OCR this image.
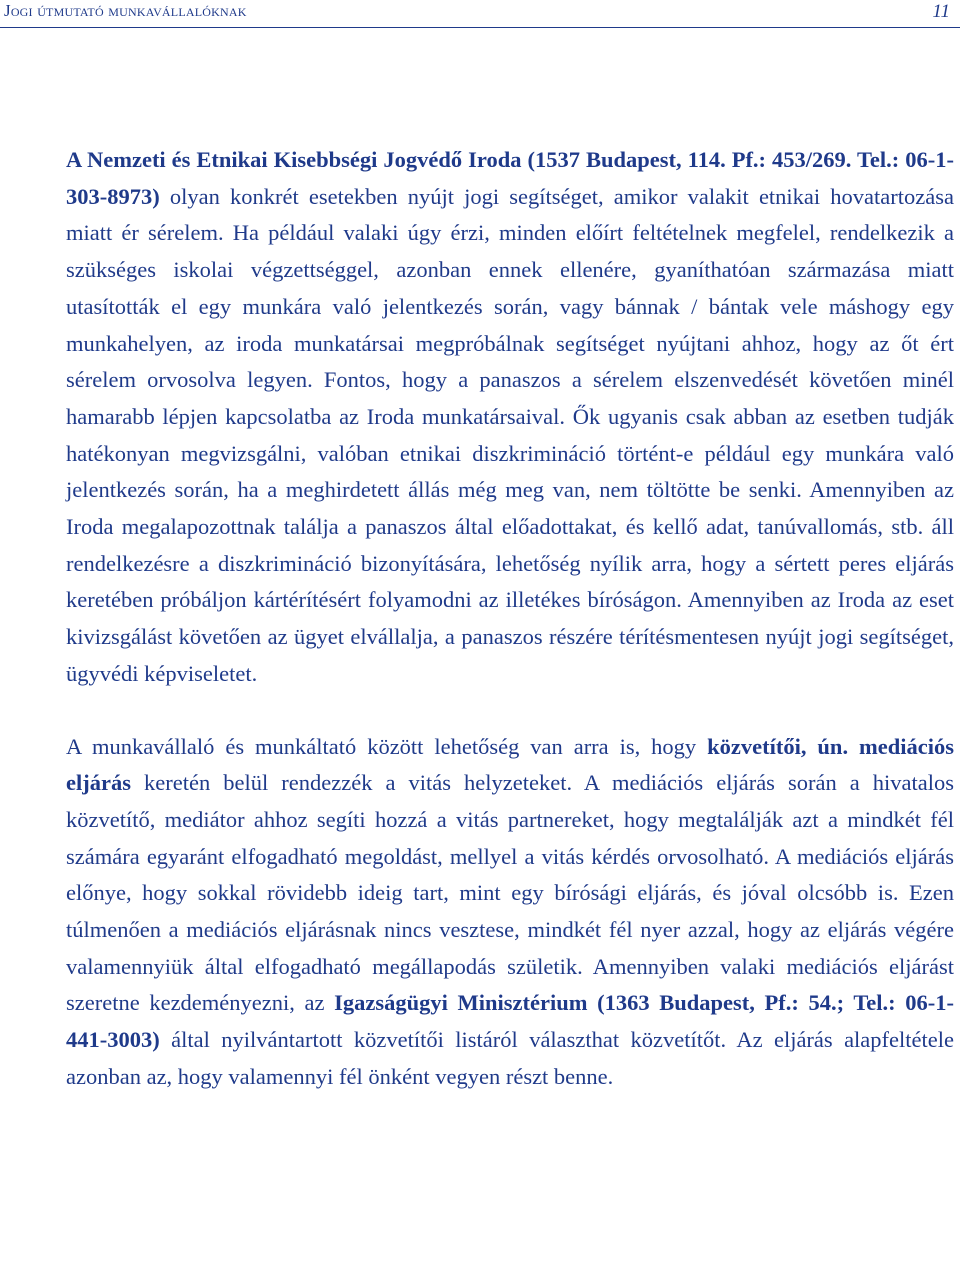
Jogi útmutató munkavállalóknak	11

A Nemzeti és Etnikai Kisebbségi Jogvédő Iroda (1537 Budapest, 114. Pf.: 453/269. Tel.: 06-1-303-8973) olyan konkrét esetekben nyújt jogi segítséget, amikor valakit etnikai hovatartozása miatt ér sérelem. Ha például valaki úgy érzi, minden előírt feltételnek megfelel, rendelkezik a szükséges iskolai végzettséggel, azonban ennek ellenére, gyaníthatóan származása miatt utasították el egy munkára való jelentkezés során, vagy bánnak / bántak vele máshogy egy munkahelyen, az iroda munkatársai megpróbálnak segítséget nyújtani ahhoz, hogy az őt ért sérelem orvosolva legyen. Fontos, hogy a panaszos a sérelem elszenvedését követően minél hamarabb lépjen kapcsolatba az Iroda munkatársaival. Ők ugyanis csak abban az esetben tudják hatékonyan megvizsgálni, valóban etnikai diszkrimináció történt-e például egy munkára való jelentkezés során, ha a meghirdetett állás még meg van, nem töltötte be senki. Amennyiben az Iroda megalapozottnak találja a panaszos által előadottakat, és kellő adat, tanúvallomás, stb. áll rendelkezésre a diszkrimináció bizonyítására, lehetőség nyílik arra, hogy a sértett peres eljárás keretében próbáljon kártérítésért folyamodni az illetékes bíróságon. Amennyiben az Iroda az eset kivizsgálást követően az ügyet elvállalja, a panaszos részére térítésmentesen nyújt jogi segítséget, ügyvédi képviseletet.

A munkavállaló és munkáltató között lehetőség van arra is, hogy közvetítői, ún. mediációs eljárás keretén belül rendezzék a vitás helyzeteket. A mediációs eljárás során a hivatalos közvetítő, mediátor ahhoz segíti hozzá a vitás partnereket, hogy megtalálják azt a mindkét fél számára egyaránt elfogadható megoldást, mellyel a vitás kérdés orvosolható. A mediációs eljárás előnye, hogy sokkal rövidebb ideig tart, mint egy bírósági eljárás, és jóval olcsóbb is. Ezen túlmenően a mediációs eljárásnak nincs vesztese, mindkét fél nyer azzal, hogy az eljárás végére valamennyiük által elfogadható megállapodás születik. Amennyiben valaki mediációs eljárást szeretne kezdeményezni, az Igazságügyi Minisztérium (1363 Budapest, Pf.: 54.; Tel.: 06-1-441-3003) által nyilvántartott közvetítői listáról választhat közvetítőt. Az eljárás alapfeltétele azonban az, hogy valamennyi fél önként vegyen részt benne.
